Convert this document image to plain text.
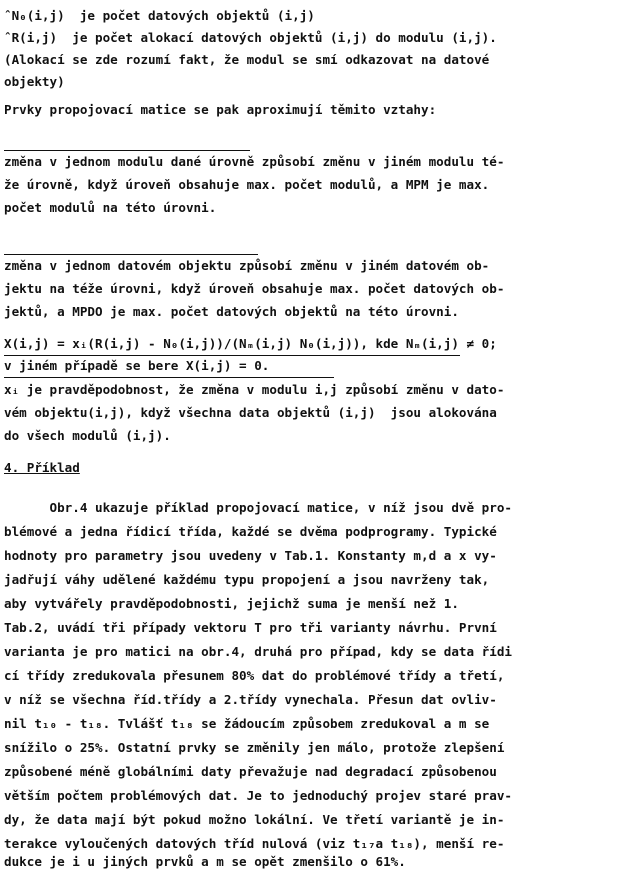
ˆN₀(i,j)  je počet datových objektů (i,j)
ˆR(i,j)  je počet alokací datových objektů (i,j) do modulu (i,j).
(Alokací se zde rozumí fakt, že modul se smí odkazovat na datové
objekty)
Prvky propojovací matice se pak aproximují těmito vztahy:

změna v jednom modulu dané úrovně způsobí změnu v jiném modulu té-
že úrovně, když úroveň obsahuje max. počet modulů, a MPM je max.
počet modulů na této úrovni.

změna v jednom datovém objektu způsobí změnu v jiném datovém ob-
jektu na téže úrovni, když úroveň obsahuje max. počet datových ob-
jektů, a MPDO je max. počet datových objektů na této úrovni.
X(i,j) = xᵢ(R(i,j) - N₀(i,j))/(Nₘ(i,j) N₀(i,j)), kde Nₘ(i,j) ≠ 0;
v jiném případě se bere X(i,j) = 0.
xᵢ je pravděpodobnost, že změna v modulu i,j způsobí změnu v dato-
vém objektu(i,j), když všechna data objektů (i,j)  jsou alokována
do všech modulů (i,j).
4. Příklad
Obr.4 ukazuje příklad propojovací matice, v níž jsou dvě pro-
blémové a jedna řídicí třída, každé se dvěma podprogramy. Typické
hodnoty pro parametry jsou uvedeny v Tab.1. Konstanty m,d a x vy-
jadřují váhy udělené každému typu propojení a jsou navrženy tak,
aby vytvářely pravděpodobnosti, jejichž suma je menší než 1.
Tab.2, uvádí tři případy vektoru T pro tři varianty návrhu. První
varianta je pro matici na obr.4, druhá pro případ, kdy se data řídi
cí třídy zredukovala přesunem 80% dat do problémové třídy a třetí,
v níž se všechna říd.třídy a 2.třídy vynechala. Přesun dat ovliv-
nil t₁₀ - t₁₈. Tvlášť t₁₈ se žádoucím způsobem zredukoval a m se
snížilo o 25%. Ostatní prvky se změnily jen málo, protože zlepšení
způsobené méně globálními daty převažuje nad degradací způsobenou
větším počtem problémových dat. Je to jednoduchý projev staré prav-
dy, že data mají být pokud možno lokální. Ve třetí variantě je in-
terakce vyloučených datových tříd nulová (viz t₁₇a t₁₈), menší re-
dukce je i u jiných prvků a m se opět zmenšilo o 61%.
